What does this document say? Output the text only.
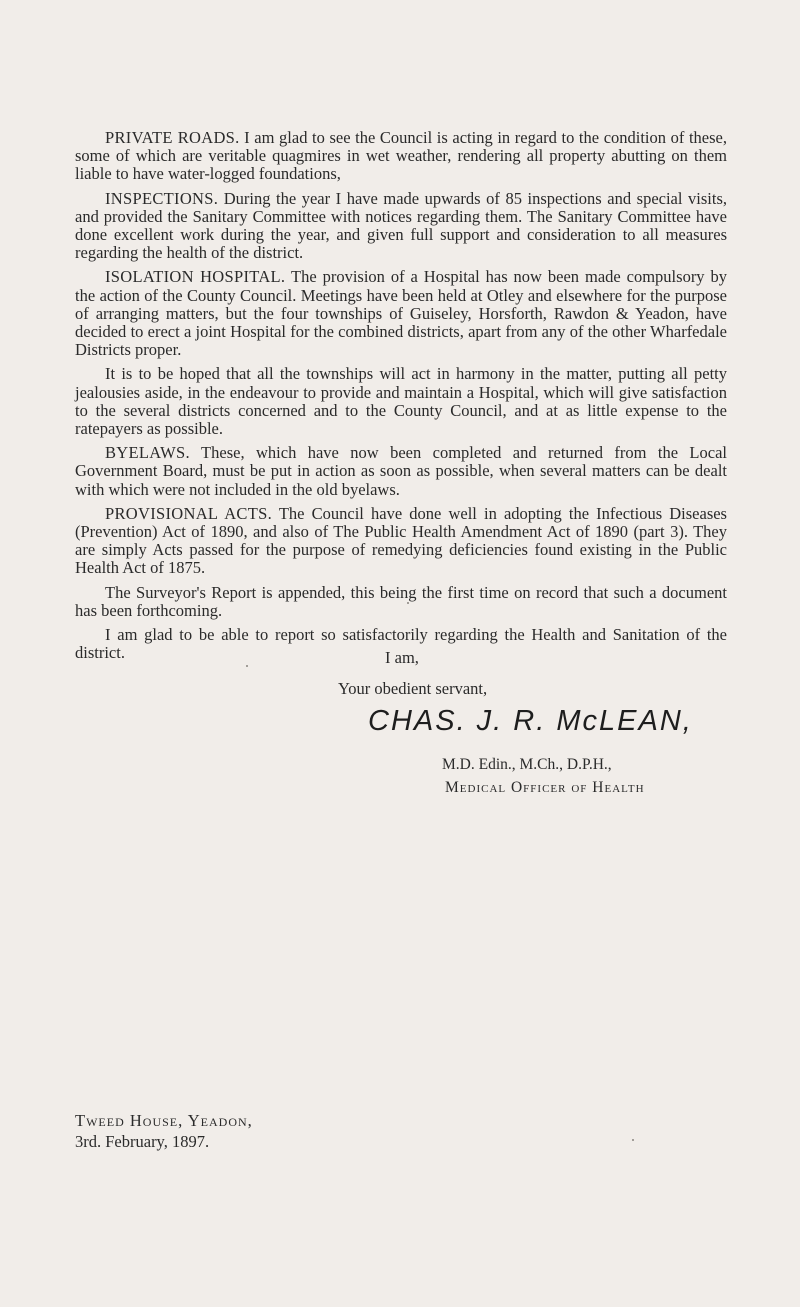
PRIVATE ROADS. I am glad to see the Council is acting in regard to the condition of these, some of which are veritable quagmires in wet weather, rendering all property abutting on them liable to have water-logged foundations,

INSPECTIONS. During the year I have made upwards of 85 inspections and special visits, and provided the Sanitary Committee with notices regarding them. The Sanitary Committee have done excellent work during the year, and given full support and consideration to all measures regarding the health of the district.

ISOLATION HOSPITAL. The provision of a Hospital has now been made compulsory by the action of the County Council. Meetings have been held at Otley and elsewhere for the purpose of arranging matters, but the four townships of Guiseley, Horsforth, Rawdon & Yeadon, have decided to erect a joint Hospital for the combined districts, apart from any of the other Wharfedale Districts proper.

It is to be hoped that all the townships will act in harmony in the matter, putting all petty jealousies aside, in the endeavour to provide and maintain a Hospital, which will give satisfaction to the several districts concerned and to the County Council, and at as little expense to the ratepayers as possible.

BYELAWS. These, which have now been completed and returned from the Local Government Board, must be put in action as soon as possible, when several matters can be dealt with which were not included in the old byelaws.

PROVISIONAL ACTS. The Council have done well in adopting the Infectious Diseases (Prevention) Act of 1890, and also of The Public Health Amendment Act of 1890 (part 3). They are simply Acts passed for the purpose of remedying deficiencies found existing in the Public Health Act of 1875.

The Surveyor's Report is appended, this being the first time on record that such a document has been forthcoming.

I am glad to be able to report so satisfactorily regarding the Health and Sanitation of the district.	I am,
Your obedient servant,
CHAS. J. R. McLEAN,
M.D. Edin., M.Ch., D.P.H.,
Medical Officer of Health
Tweed House, Yeadon,
3rd. February, 1897.
